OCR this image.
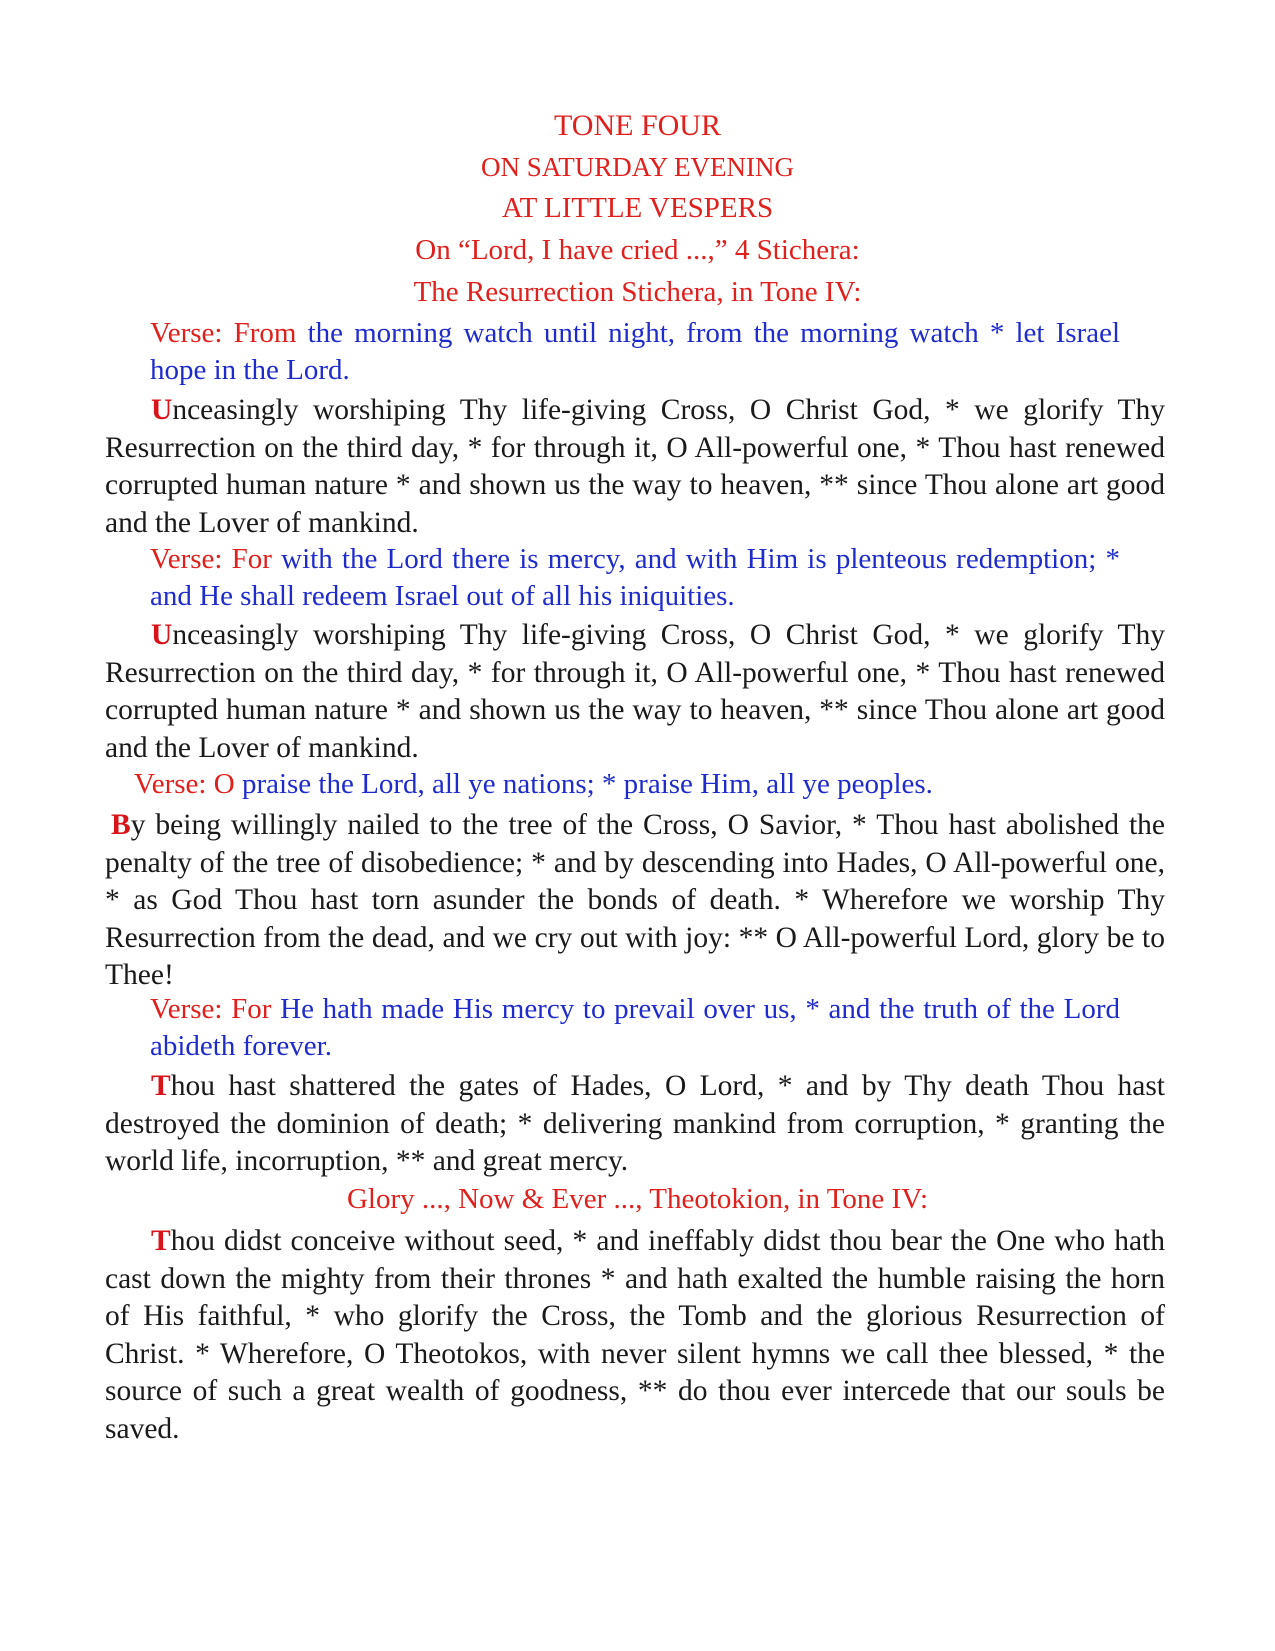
TONE FOUR
ON SATURDAY EVENING
AT LITTLE VESPERS
On “Lord, I have cried ...,” 4 Stichera:
The Resurrection Stichera, in Tone IV:
Verse: From the morning watch until night, from the morning watch * let Israel hope in the Lord.
Unceasingly worshiping Thy life-giving Cross, O Christ God, * we glorify Thy Resurrection on the third day, * for through it, O All-powerful one, * Thou hast renewed corrupted human nature * and shown us the way to heaven, ** since Thou alone art good and the Lover of mankind.
Verse: For with the Lord there is mercy, and with Him is plenteous redemption; * and He shall redeem Israel out of all his iniquities.
Unceasingly worshiping Thy life-giving Cross, O Christ God, * we glorify Thy Resurrection on the third day, * for through it, O All-powerful one, * Thou hast renewed corrupted human nature * and shown us the way to heaven, ** since Thou alone art good and the Lover of mankind.
Verse: O praise the Lord, all ye nations; * praise Him, all ye peoples.
By being willingly nailed to the tree of the Cross, O Savior, * Thou hast abolished the penalty of the tree of disobedience; * and by descending into Hades, O All-powerful one, * as God Thou hast torn asunder the bonds of death. * Wherefore we worship Thy Resurrection from the dead, and we cry out with joy: ** O All-powerful Lord, glory be to Thee!
Verse: For He hath made His mercy to prevail over us, * and the truth of the Lord abideth forever.
Thou hast shattered the gates of Hades, O Lord, * and by Thy death Thou hast destroyed the dominion of death; * delivering mankind from corruption, * granting the world life, incorruption, ** and great mercy.
Glory ..., Now & Ever ..., Theotokion, in Tone IV:
Thou didst conceive without seed, * and ineffably didst thou bear the One who hath cast down the mighty from their thrones * and hath exalted the humble raising the horn of His faithful, * who glorify the Cross, the Tomb and the glorious Resurrection of Christ. * Wherefore, O Theotokos, with never silent hymns we call thee blessed, * the source of such a great wealth of goodness, ** do thou ever intercede that our souls be saved.
